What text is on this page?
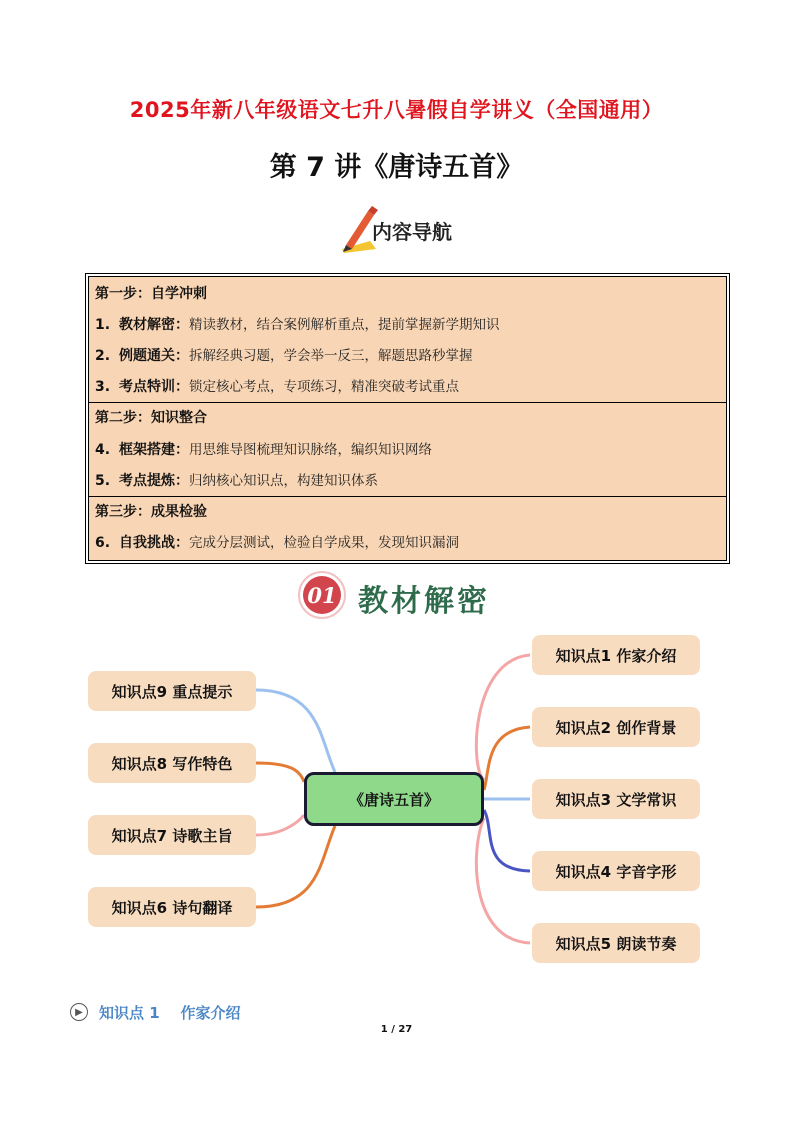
2025年新八年级语文七升八暑假自学讲义（全国通用）
第 7 讲《唐诗五首》
内容导航
第一步：自学冲刺
1. 教材解密：精读教材，结合案例解析重点，提前掌握新学期知识
2. 例题通关：拆解经典习题，学会举一反三，解题思路秒掌握
3. 考点特训：锁定核心考点，专项练习，精准突破考试重点
第二步：知识整合
4. 框架搭建：用思维导图梳理知识脉络，编织知识网络
5. 考点提炼：归纳核心知识点，构建知识体系
第三步：成果检验
6. 自我挑战：完成分层测试，检验自学成果，发现知识漏洞
01 教材解密
《唐诗五首》
知识点1 作家介绍
知识点2 创作背景
知识点3 文学常识
知识点4 字音字形
知识点5 朗读节奏
知识点9 重点提示
知识点8 写作特色
知识点7 诗歌主旨
知识点6 诗句翻译
▶	知识点 1    作家介绍
1 / 27
